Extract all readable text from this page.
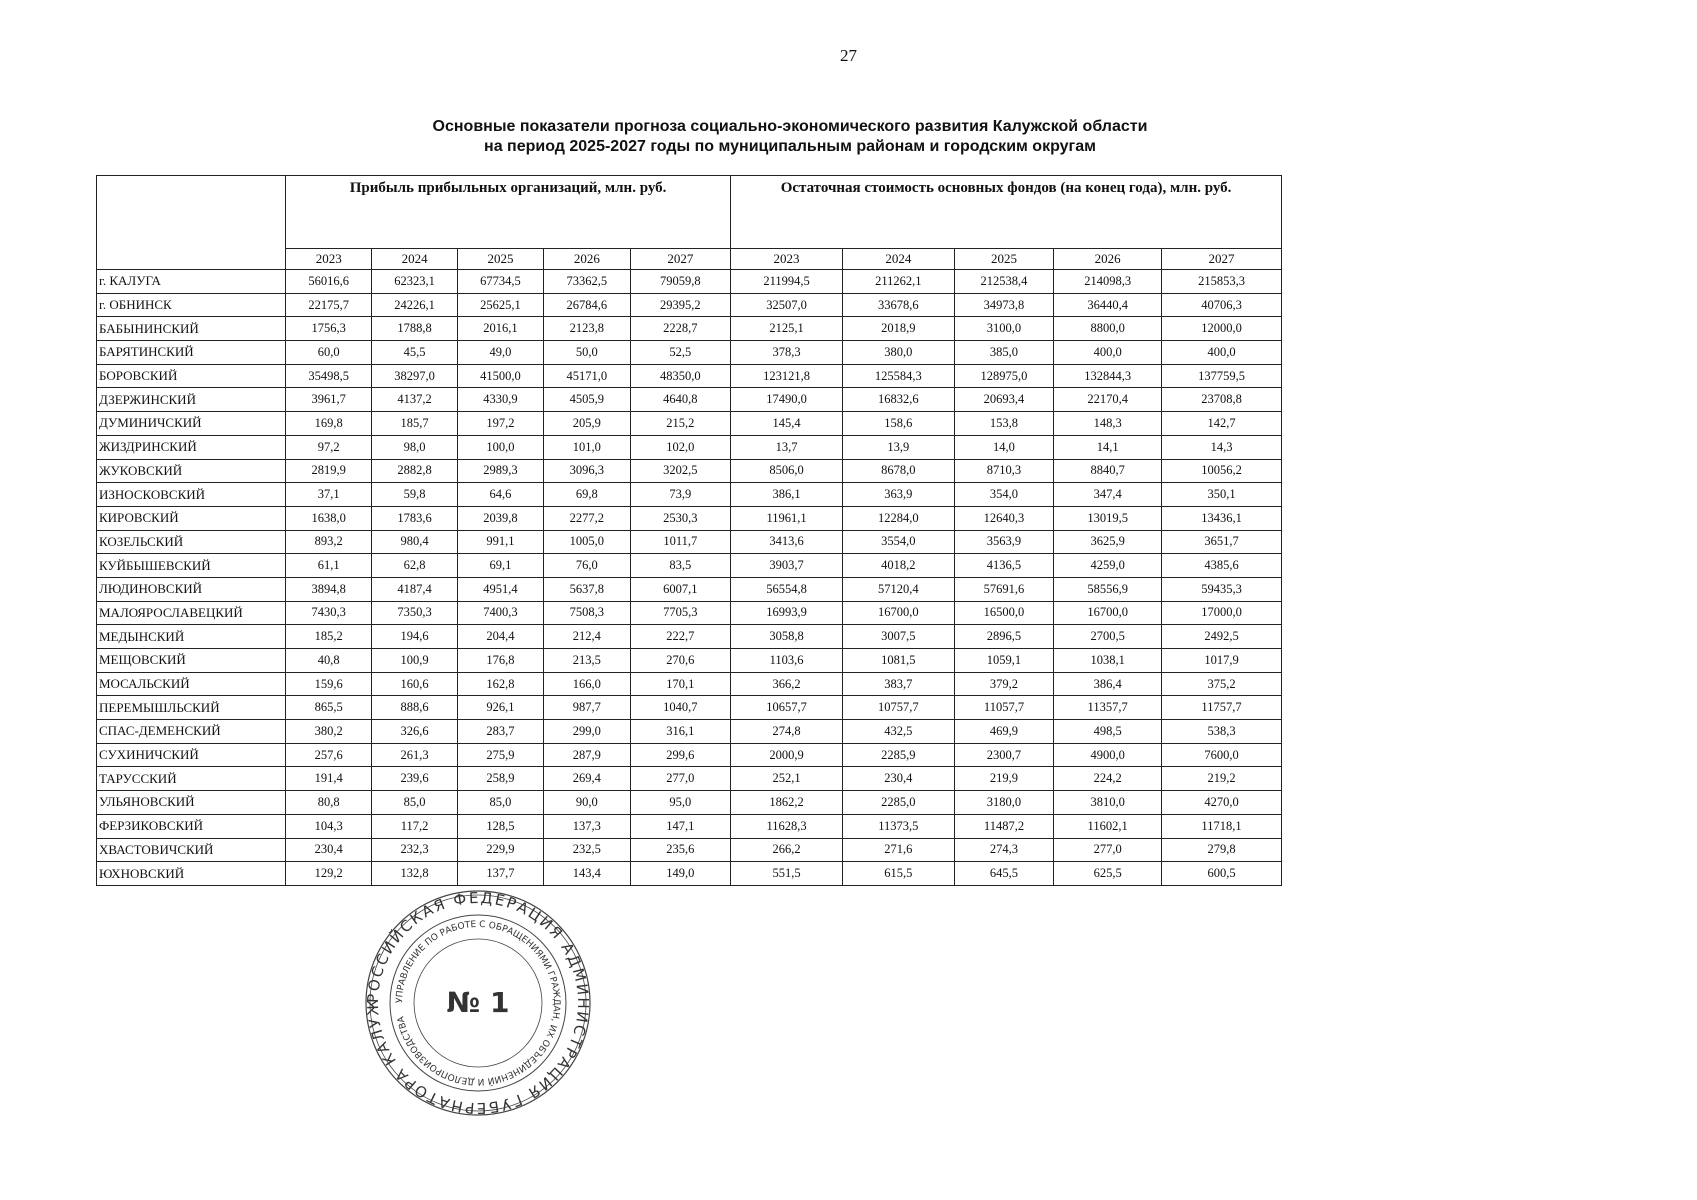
27
Основные показатели прогноза социально-экономического развития Калужской области
на период 2025-2027 годы по муниципальным районам и городским округам
	Прибыль прибыльных организаций, млн. руб.					Остаточная стоимость основных фондов (на конец года), млн. руб.				
	2023	2024	2025	2026	2027	2023	2024	2025	2026	2027
г. КАЛУГА	56016,6	62323,1	67734,5	73362,5	79059,8	211994,5	211262,1	212538,4	214098,3	215853,3
г. ОБНИНСК	22175,7	24226,1	25625,1	26784,6	29395,2	32507,0	33678,6	34973,8	36440,4	40706,3
БАБЫНИНСКИЙ	1756,3	1788,8	2016,1	2123,8	2228,7	2125,1	2018,9	3100,0	8800,0	12000,0
БАРЯТИНСКИЙ	60,0	45,5	49,0	50,0	52,5	378,3	380,0	385,0	400,0	400,0
БОРОВСКИЙ	35498,5	38297,0	41500,0	45171,0	48350,0	123121,8	125584,3	128975,0	132844,3	137759,5
ДЗЕРЖИНСКИЙ	3961,7	4137,2	4330,9	4505,9	4640,8	17490,0	16832,6	20693,4	22170,4	23708,8
ДУМИНИЧСКИЙ	169,8	185,7	197,2	205,9	215,2	145,4	158,6	153,8	148,3	142,7
ЖИЗДРИНСКИЙ	97,2	98,0	100,0	101,0	102,0	13,7	13,9	14,0	14,1	14,3
ЖУКОВСКИЙ	2819,9	2882,8	2989,3	3096,3	3202,5	8506,0	8678,0	8710,3	8840,7	10056,2
ИЗНОСКОВСКИЙ	37,1	59,8	64,6	69,8	73,9	386,1	363,9	354,0	347,4	350,1
КИРОВСКИЙ	1638,0	1783,6	2039,8	2277,2	2530,3	11961,1	12284,0	12640,3	13019,5	13436,1
КОЗЕЛЬСКИЙ	893,2	980,4	991,1	1005,0	1011,7	3413,6	3554,0	3563,9	3625,9	3651,7
КУЙБЫШЕВСКИЙ	61,1	62,8	69,1	76,0	83,5	3903,7	4018,2	4136,5	4259,0	4385,6
ЛЮДИНОВСКИЙ	3894,8	4187,4	4951,4	5637,8	6007,1	56554,8	57120,4	57691,6	58556,9	59435,3
МАЛОЯРОСЛАВЕЦКИЙ	7430,3	7350,3	7400,3	7508,3	7705,3	16993,9	16700,0	16500,0	16700,0	17000,0
МЕДЫНСКИЙ	185,2	194,6	204,4	212,4	222,7	3058,8	3007,5	2896,5	2700,5	2492,5
МЕЩОВСКИЙ	40,8	100,9	176,8	213,5	270,6	1103,6	1081,5	1059,1	1038,1	1017,9
МОСАЛЬСКИЙ	159,6	160,6	162,8	166,0	170,1	366,2	383,7	379,2	386,4	375,2
ПЕРЕМЫШЛЬСКИЙ	865,5	888,6	926,1	987,7	1040,7	10657,7	10757,7	11057,7	11357,7	11757,7
СПАС-ДЕМЕНСКИЙ	380,2	326,6	283,7	299,0	316,1	274,8	432,5	469,9	498,5	538,3
СУХИНИЧСКИЙ	257,6	261,3	275,9	287,9	299,6	2000,9	2285,9	2300,7	4900,0	7600,0
ТАРУССКИЙ	191,4	239,6	258,9	269,4	277,0	252,1	230,4	219,9	224,2	219,2
УЛЬЯНОВСКИЙ	80,8	85,0	85,0	90,0	95,0	1862,2	2285,0	3180,0	3810,0	4270,0
ФЕРЗИКОВСКИЙ	104,3	117,2	128,5	137,3	147,1	11628,3	11373,5	11487,2	11602,1	11718,1
ХВАСТОВИЧСКИЙ	230,4	232,3	229,9	232,5	235,6	266,2	271,6	274,3	277,0	279,8
ЮХНОВСКИЙ	129,2	132,8	137,7	143,4	149,0	551,5	615,5	645,5	625,5	600,5
РОССИЙСКАЯ ФЕДЕРАЦИЯ АДМИНИСТРАЦИЯ ГУБЕРНАТОРА КАЛУЖ	УПРАВЛЕНИЕ ПО РАБОТЕ С ОБРАЩЕНИЯМИ ГРАЖДАН, ИХ ОБЪЕДИНЕНИЙ И ДЕЛОПРОИЗВОДСТВА
№ 1
